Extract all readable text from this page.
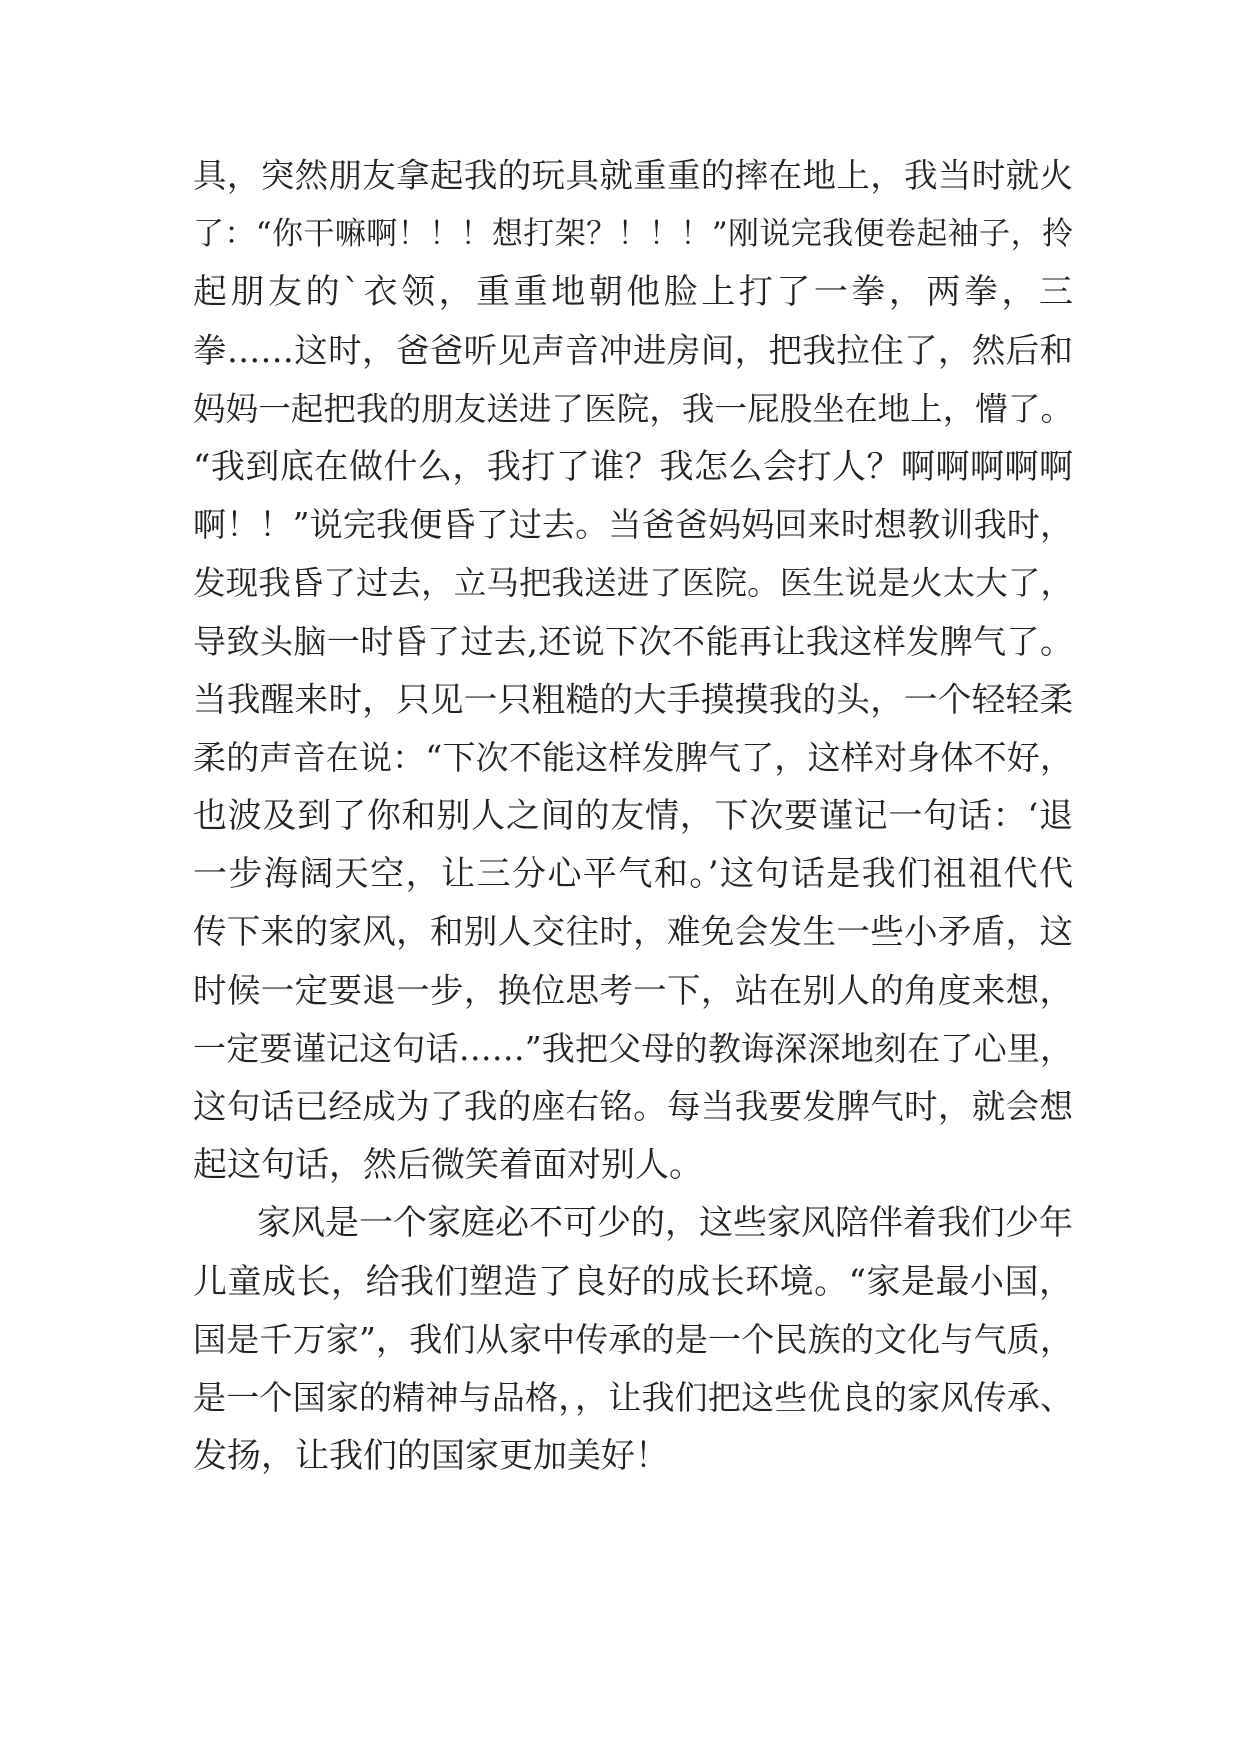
具，突然朋友拿起我的玩具就重重的摔在地上，我当时就火
了：“你干嘛啊！！！想打架？！！！”刚说完我便卷起袖子，拎
起朋友的`衣领，重重地朝他脸上打了一拳，两拳，三
拳……这时，爸爸听见声音冲进房间，把我拉住了，然后和
妈妈一起把我的朋友送进了医院，我一屁股坐在地上，懵了。
“我到底在做什么，我打了谁？我怎么会打人？啊啊啊啊啊
啊！！”说完我便昏了过去。当爸爸妈妈回来时想教训我时，
发现我昏了过去，立马把我送进了医院。医生说是火太大了，
导致头脑一时昏了过去,还说下次不能再让我这样发脾气了。
当我醒来时，只见一只粗糙的大手摸摸我的头，一个轻轻柔
柔的声音在说：“下次不能这样发脾气了，这样对身体不好，
也波及到了你和别人之间的友情，下次要谨记一句话：‘退
一步海阔天空，让三分心平气和。’这句话是我们祖祖代代
传下来的家风，和别人交往时，难免会发生一些小矛盾，这
时候一定要退一步，换位思考一下，站在别人的角度来想，
一定要谨记这句话……”我把父母的教诲深深地刻在了心里，
这句话已经成为了我的座右铭。每当我要发脾气时，就会想
起这句话，然后微笑着面对别人。
家风是一个家庭必不可少的，这些家风陪伴着我们少年
儿童成长，给我们塑造了良好的成长环境。“家是最小国，
国是千万家”，我们从家中传承的是一个民族的文化与气质，
是一个国家的精神与品格，，让我们把这些优良的家风传承、
发扬，让我们的国家更加美好！
